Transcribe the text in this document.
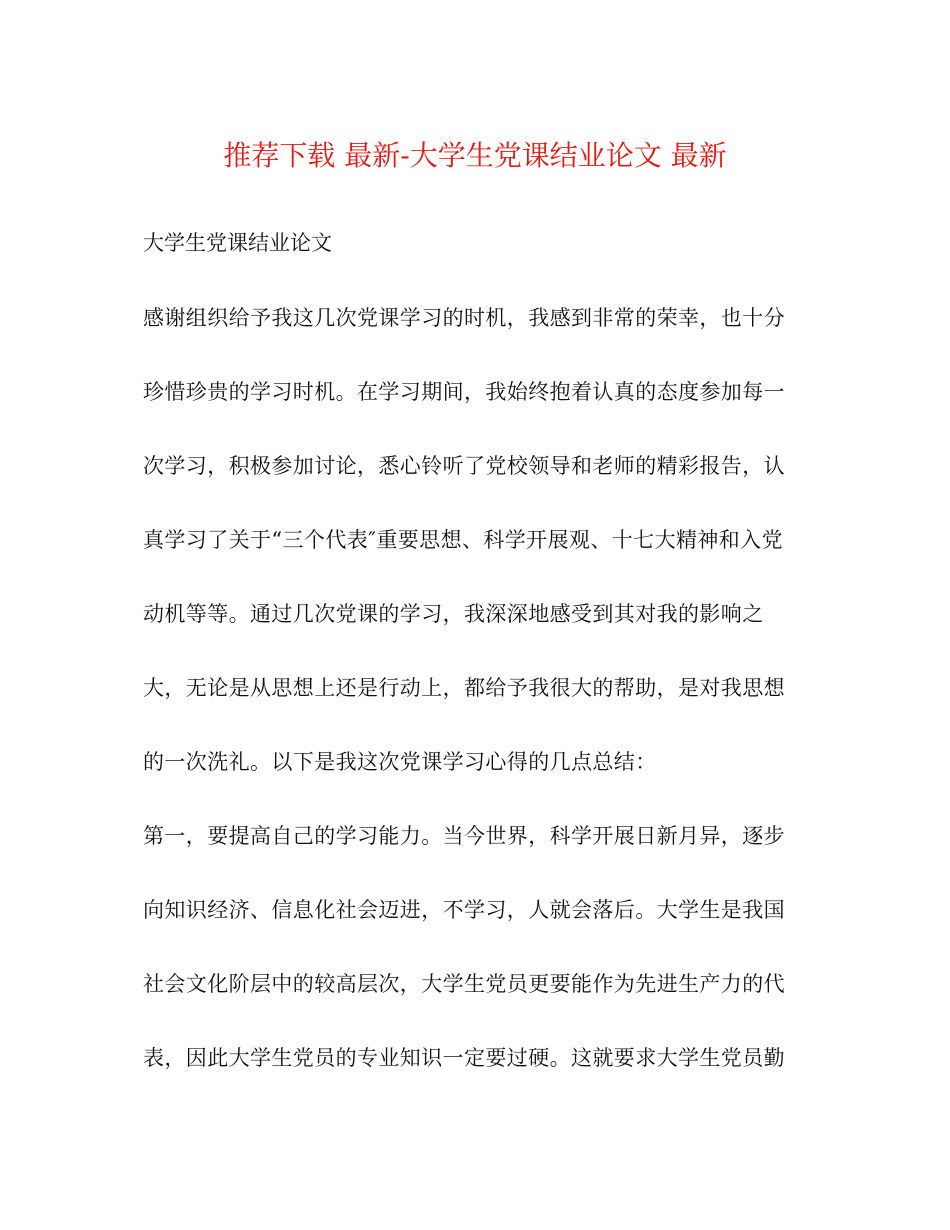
推荐下载 最新-大学生党课结业论文 最新
大学生党课结业论文
感谢组织给予我这几次党课学习的时机，我感到非常的荣幸，也十分
珍惜珍贵的学习时机。在学习期间，我始终抱着认真的态度参加每一
次学习，积极参加讨论，悉心铃听了党校领导和老师的精彩报告，认
真学习了关于“三个代表″重要思想、科学开展观、十七大精神和入党
动机等等。通过几次党课的学习，我深深地感受到其对我的影响之
大，无论是从思想上还是行动上，都给予我很大的帮助，是对我思想
的一次洗礼。以下是我这次党课学习心得的几点总结：
第一，要提高自己的学习能力。当今世界，科学开展日新月异，逐步
向知识经济、信息化社会迈进，不学习，人就会落后。大学生是我国
社会文化阶层中的较高层次，大学生党员更要能作为先进生产力的代
表，因此大学生党员的专业知识一定要过硬。这就要求大学生党员勤
